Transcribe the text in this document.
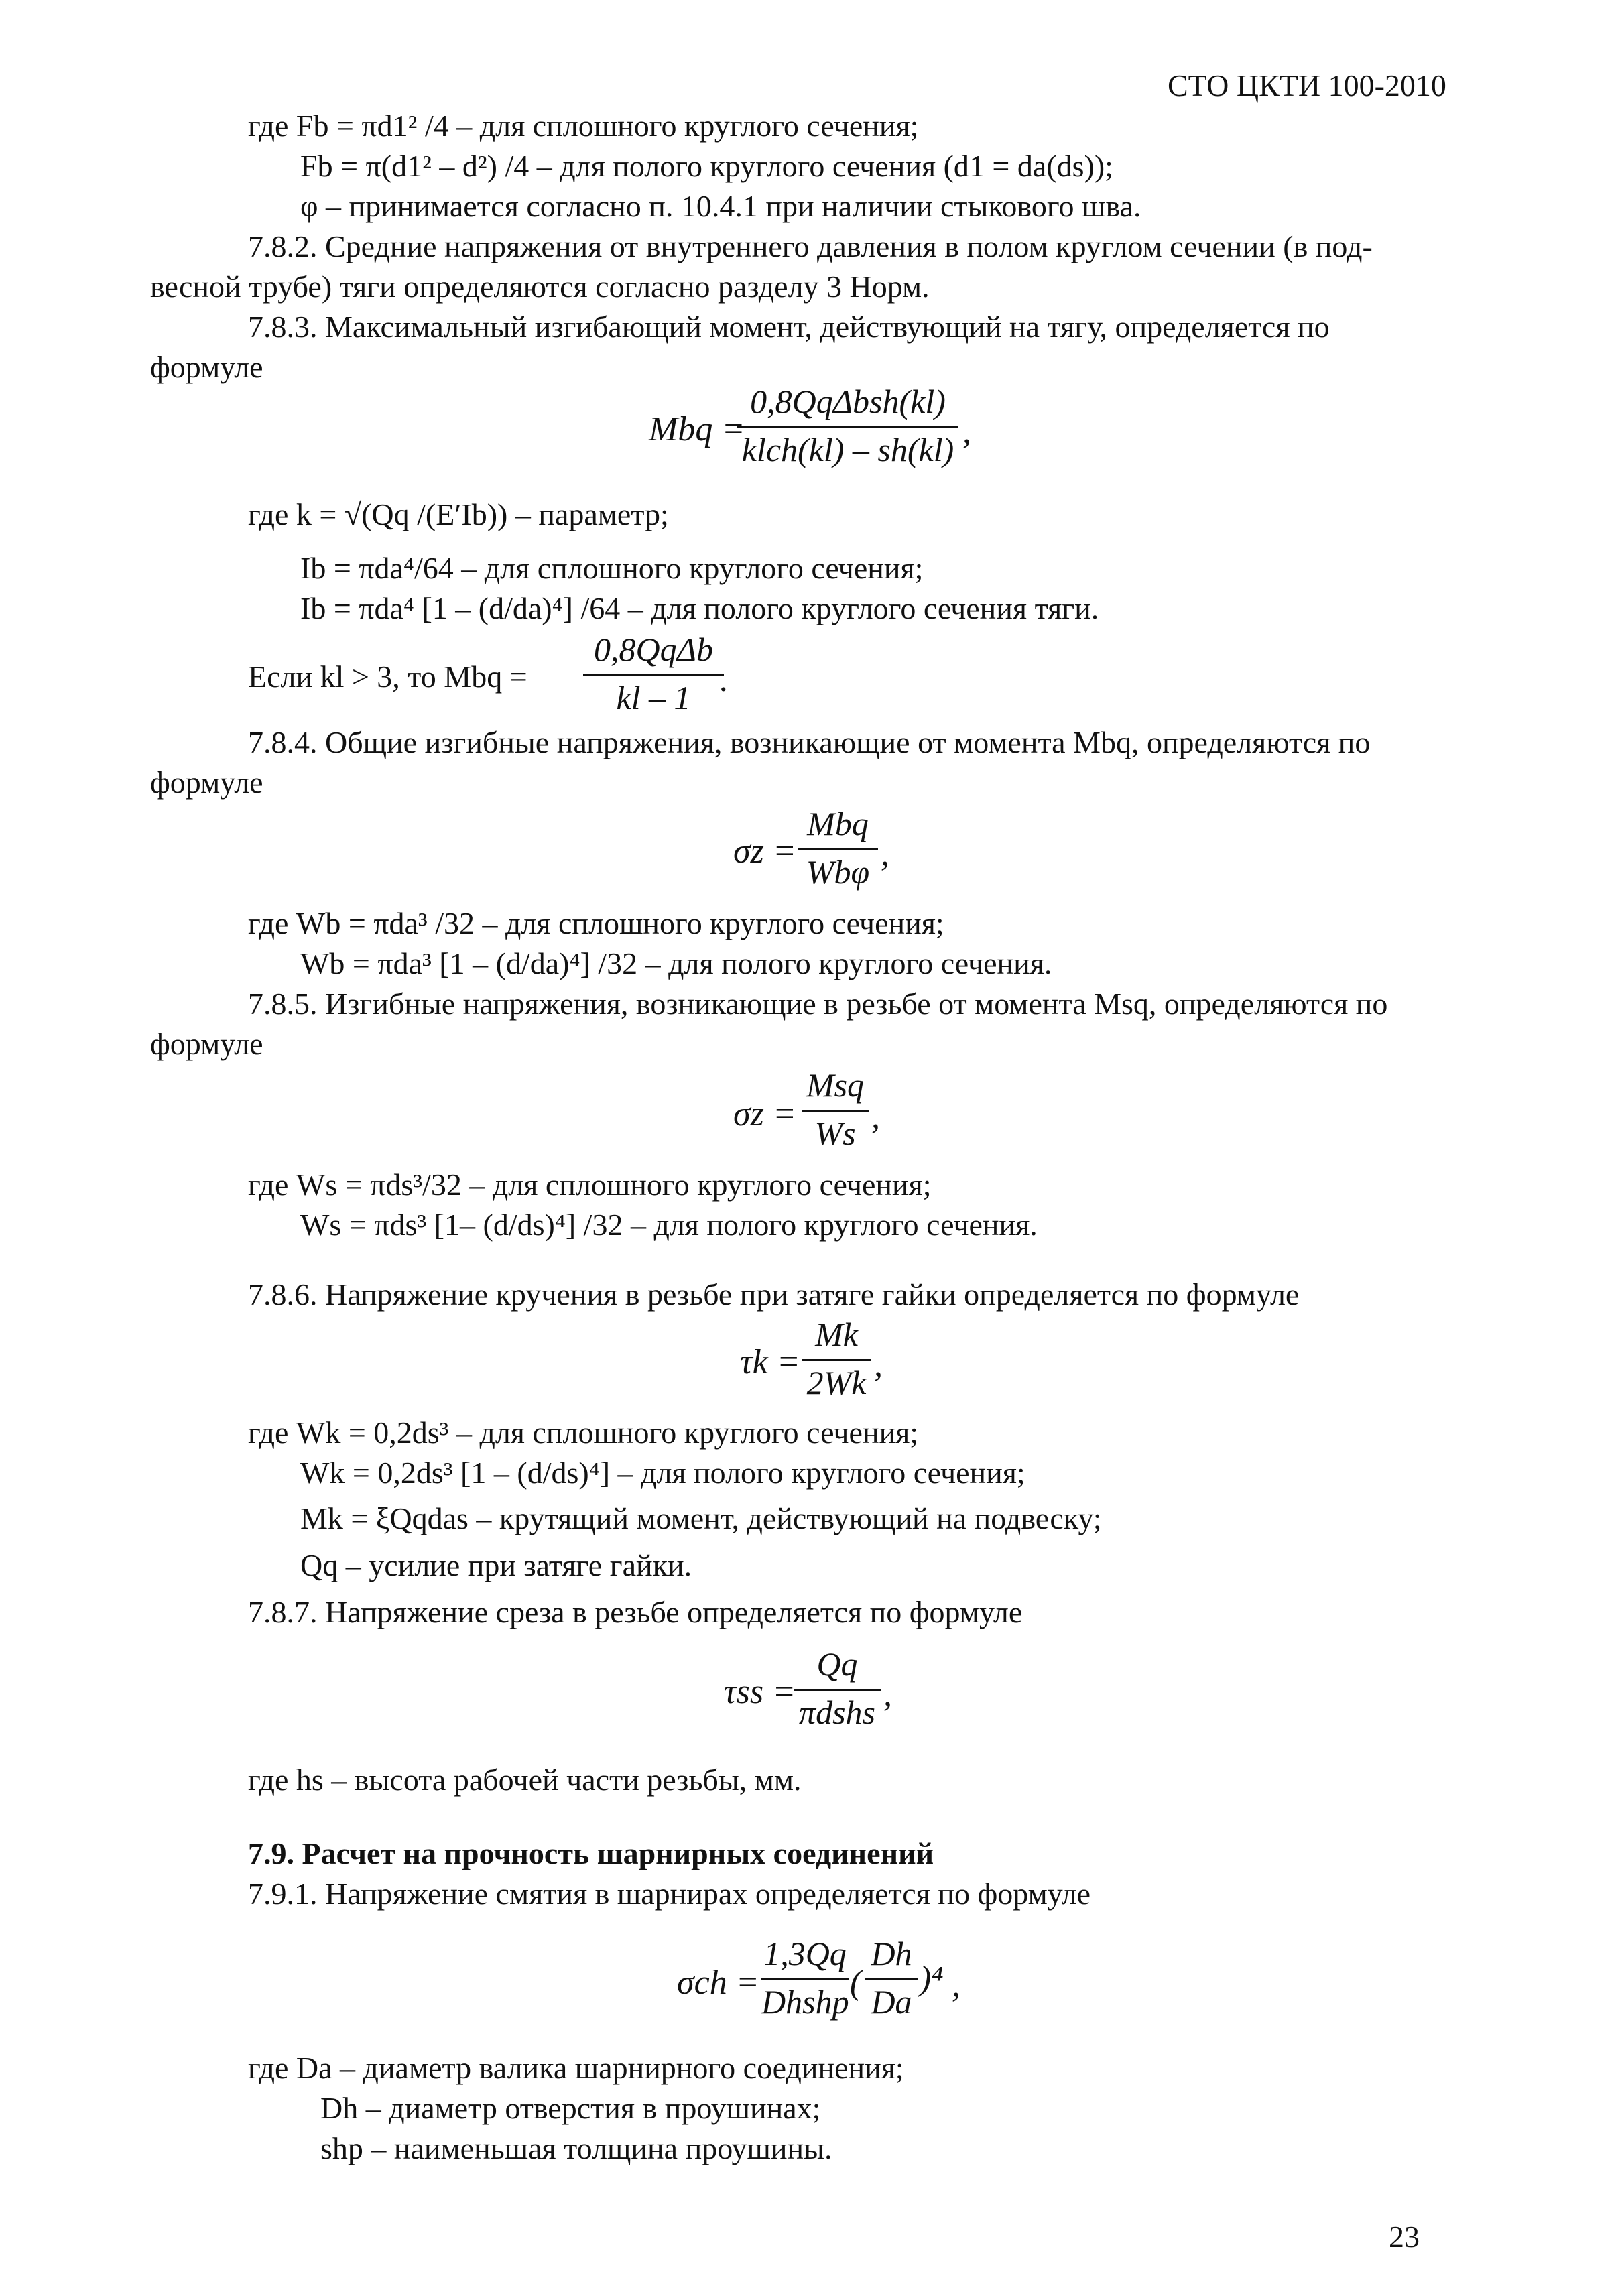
СТО ЦКТИ 100-2010
где Fb = πd1² /4 – для сплошного круглого сечения;
Fb = π(d1² – d²) /4 – для полого круглого сечения (d1 = da(ds));
φ – принимается согласно п. 10.4.1 при наличии стыкового шва.
7.8.2. Средние напряжения от внутреннего давления в полом круглом сечении (в под-
весной трубе) тяги определяются согласно разделу 3 Норм.
7.8.3. Максимальный изгибающий момент, действующий на тягу, определяется по
формуле
Mbq =
0,8QqΔbsh(kl)
klch(kl) – sh(kl) ,
где k = √(Qq /(E′Ib)) – параметр;
Ib = πda⁴/64 – для сплошного круглого сечения;
Ib = πda⁴ [1 – (d/da)⁴] /64 – для полого круглого сечения тяги.
Если kl > 3, то Mbq =
0,8QqΔb
kl – 1 .
7.8.4. Общие изгибные напряжения, возникающие от момента Mbq, определяются по
формуле
σz =
Mbq
Wbφ ,
где Wb = πda³ /32 – для сплошного круглого сечения;
Wb = πda³ [1 – (d/da)⁴] /32 – для полого круглого сечения.
7.8.5. Изгибные напряжения, возникающие в резьбе от момента Msq, определяются по
формуле
σz =
Msq
Ws ,
где Ws = πds³/32 – для сплошного круглого сечения;
Ws = πds³ [1– (d/ds)⁴] /32 – для полого круглого сечения.
7.8.6. Напряжение кручения в резьбе при затяге гайки определяется по формуле
τk =
Mk
2Wk ,
где Wk = 0,2ds³ – для сплошного круглого сечения;
Wk = 0,2ds³ [1 – (d/ds)⁴] – для полого круглого сечения;
Mk = ξQqdas – крутящий момент, действующий на подвеску;
Qq – усилие при затяге гайки.
7.8.7. Напряжение среза в резьбе определяется по формуле
τss =
Qq
πdshs ,
где hs – высота рабочей части резьбы, мм.
7.9. Расчет на прочность шарнирных соединений
7.9.1. Напряжение смятия в шарнирах определяется по формуле
σch =
1,3Qq
Dhshp (
Dh
Da
)⁴ ,
где Da – диаметр валика шарнирного соединения;
Dh – диаметр отверстия в проушинах;
shp – наименьшая толщина проушины.
23
